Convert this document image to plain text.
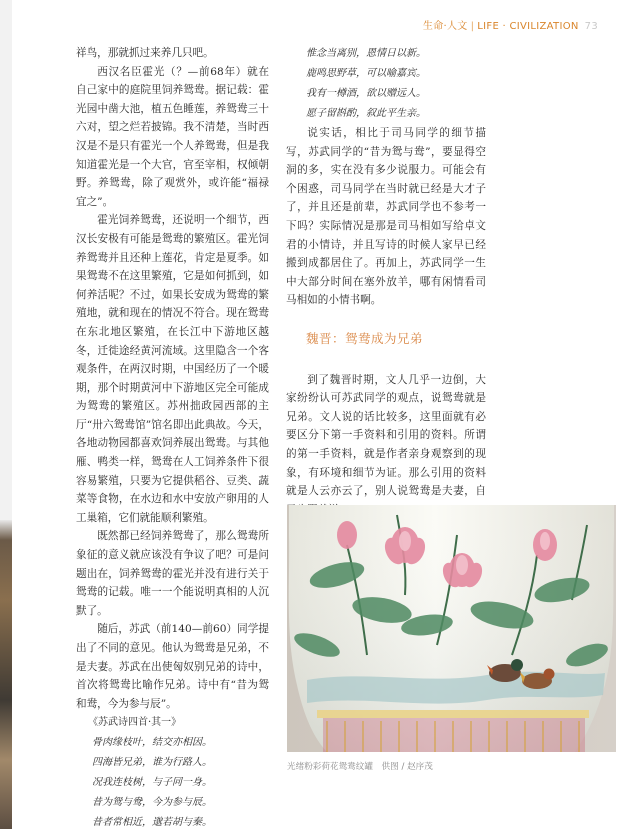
生命·人文 | LIFE · CIVILIZATION 73

祥鸟，那就抓过来养几只吧。

西汉名臣霍光（？—前68年）就在自己家中的庭院里饲养鸳鸯。据记载：霍光园中凿大池，植五色睡莲，养鸳鸯三十六对，望之烂若披锦。我不清楚，当时西汉是不是只有霍光一个人养鸳鸯，但是我知道霍光是一个大官，官至宰相，权倾朝野。养鸳鸯，除了观赏外，或许能“福禄宜之”。

霍光饲养鸳鸯，还说明一个细节，西汉长安极有可能是鸳鸯的繁殖区。霍光饲养鸳鸯并且还种上莲花，肯定是夏季。如果鸳鸯不在这里繁殖，它是如何抓到，如何养活呢？不过，如果长安成为鸳鸯的繁殖地，就和现在的情况不符合。现在鸳鸯在东北地区繁殖，在长江中下游地区越冬，迁徙途经黄河流域。这里隐含一个客观条件，在两汉时期，中国经历了一个暖期，那个时期黄河中下游地区完全可能成为鸳鸯的繁殖区。苏州拙政园西部的主厅“卅六鸳鸯馆”馆名即出此典故。今天，各地动物园都喜欢饲养展出鸳鸯。与其他雁、鸭类一样，鸳鸯在人工饲养条件下很容易繁殖，只要为它提供稻谷、豆类、蔬菜等食物，在水边和水中安放产卵用的人工巢箱，它们就能顺利繁殖。

既然都已经饲养鸳鸯了，那么鸳鸯所象征的意义就应该没有争议了吧？可是问题出在，饲养鸳鸯的霍光并没有进行关于鸳鸯的记载。唯一一个能说明真相的人沉默了。

随后，苏武（前140—前60）同学提出了不同的意见。他认为鸳鸯是兄弟，不是夫妻。苏武在出使匈奴别兄弟的诗中，首次将鸳鸯比喻作兄弟。诗中有“昔为鸳和鸯，今为参与辰”。

《苏武诗四首·其一》

骨肉缘枝叶，结交亦相因。

四海皆兄弟，谁为行路人。

况我连枝树，与子同一身。

昔为鸳与鸯，今为参与辰。

昔者常相近，邈若胡与秦。

惟念当离别，恩情日以新。

鹿鸣思野草，可以喻嘉宾。

我有一樽酒，欲以赠远人。

愿子留斟酌，叙此平生亲。

说实话，相比于司马同学的细节描写，苏武同学的“昔为鸳与鸯”，要显得空洞的多，实在没有多少说服力。可能会有个困惑，司马同学在当时就已经是大才子了，并且还是前辈，苏武同学也不参考一下吗？实际情况是那是司马相如写给卓文君的小情诗，并且写诗的时候人家早已经搬到成都居住了。再加上，苏武同学一生中大部分时间在塞外放羊，哪有闲情看司马相如的小情书啊。

魏晋：鸳鸯成为兄弟

到了魏晋时期，文人几乎一边倒，大家纷纷认可苏武同学的观点，说鸳鸯就是兄弟。文人说的话比较多，这里面就有必要区分下第一手资料和引用的资料。所谓的第一手资料，就是作者亲身观察到的现象，有环境和细节为证。那么引用的资料就是人云亦云了，别人说鸳鸯是夫妻，自

光绪粉彩荷花鸳鸯纹罐　供图 / 赵序茂
